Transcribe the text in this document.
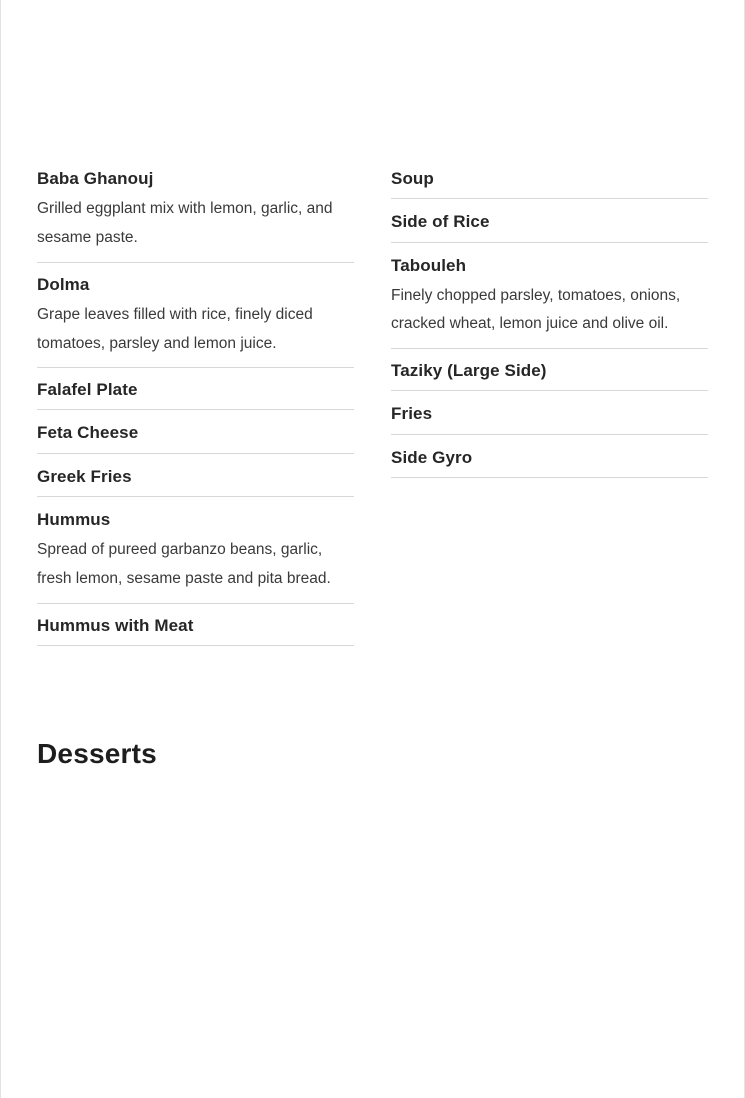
Baba Ghanouj
Grilled eggplant mix with lemon, garlic, and sesame paste.
Dolma
Grape leaves filled with rice, finely diced tomatoes, parsley and lemon juice.
Falafel Plate
Feta Cheese
Greek Fries
Hummus
Spread of pureed garbanzo beans, garlic, fresh lemon, sesame paste and pita bread.
Hummus with Meat
Soup
Side of Rice
Tabouleh
Finely chopped parsley, tomatoes, onions, cracked wheat, lemon juice and olive oil.
Taziky (Large Side)
Fries
Side Gyro
Desserts
